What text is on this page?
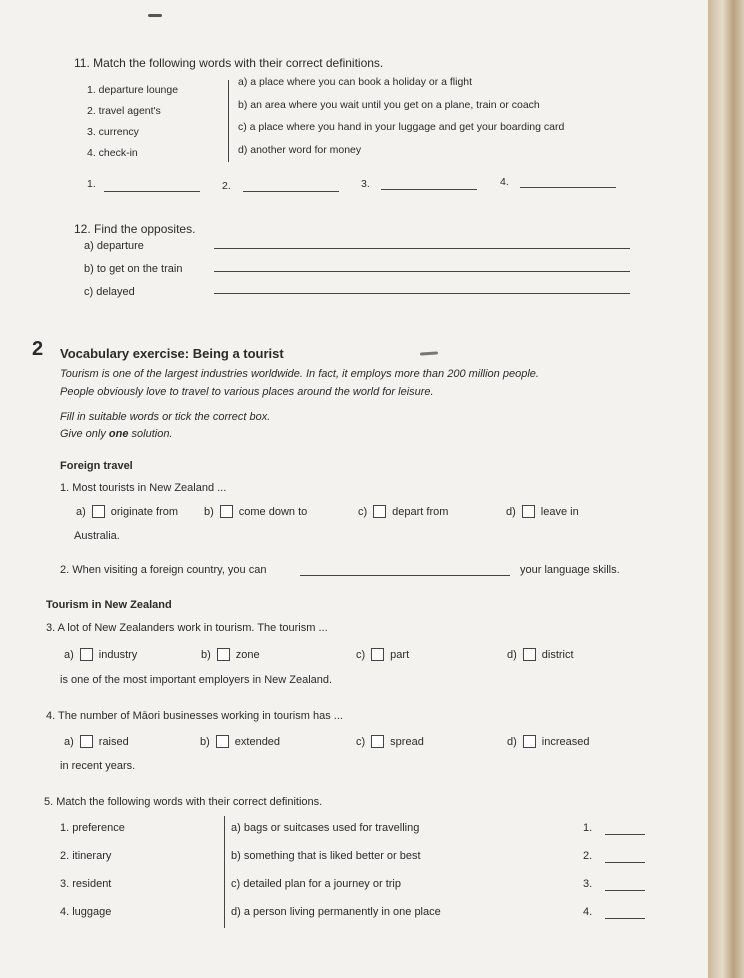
11. Match the following words with their correct definitions.
1. departure lounge
2. travel agent's
3. currency
4. check-in
a) a place where you can book a holiday or a flight
b) an area where you wait until you get on a plane, train or coach
c) a place where you hand in your luggage and get your boarding card
d) another word for money
1.	2.	3.	4.
12. Find the opposites.
a) departure
b) to get on the train
c) delayed
2 Vocabulary exercise: Being a tourist
Tourism is one of the largest industries worldwide. In fact, it employs more than 200 million people.
People obviously love to travel to various places around the world for leisure.
Fill in suitable words or tick the correct box.
Give only one solution.
Foreign travel
1. Most tourists in New Zealand ...
a) originate from b) come down to	c) depart from	d) leave in
Australia.
2. When visiting a foreign country, you can	your language skills.
Tourism in New Zealand
3. A lot of New Zealanders work in tourism. The tourism ...
a) industry	b) zone	c) part	d) district
is one of the most important employers in New Zealand.
4. The number of Māori businesses working in tourism has ...
a) raised	b) extended	c) spread	d) increased
in recent years.
5. Match the following words with their correct definitions.
1. preference
2. itinerary
3. resident
4. luggage
a) bags or suitcases used for travelling
b) something that is liked better or best
c) detailed plan for a journey or trip
d) a person living permanently in one place
1.
2.
3.
4.
